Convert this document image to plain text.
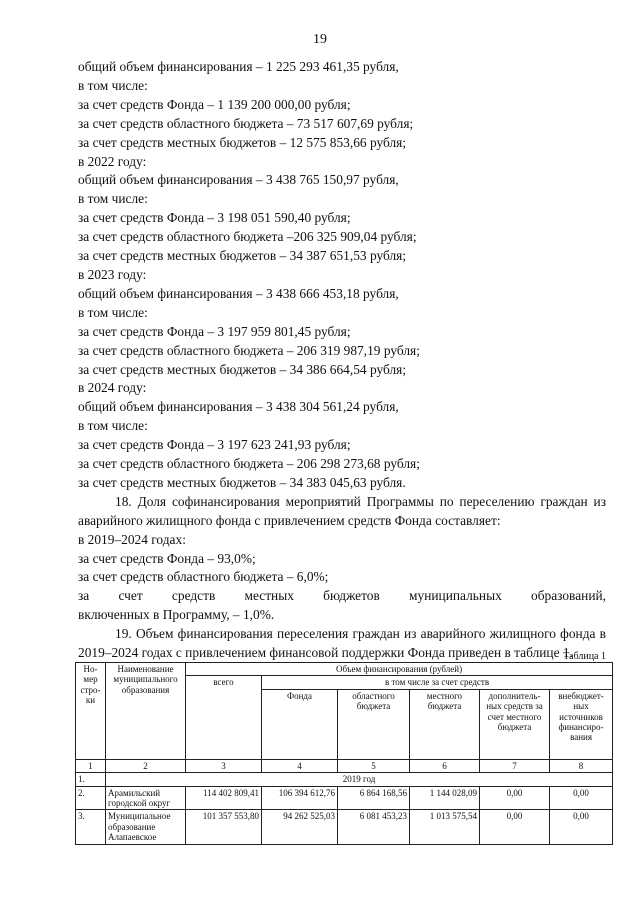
19
общий объем финансирования – 1 225 293 461,35 рубля,
в том числе:
за счет средств Фонда – 1 139 200 000,00 рубля;
за счет средств областного бюджета – 73 517 607,69 рубля;
за счет средств местных бюджетов – 12 575 853,66 рубля;
в 2022 году:
общий объем финансирования – 3 438 765 150,97 рубля,
в том числе:
за счет средств Фонда – 3 198 051 590,40 рубля;
за счет средств областного бюджета –206 325 909,04 рубля;
за счет средств местных бюджетов – 34 387 651,53 рубля;
в 2023 году:
общий объем финансирования – 3 438 666 453,18 рубля,
в том числе:
за счет средств Фонда – 3 197 959 801,45 рубля;
за счет средств областного бюджета – 206 319 987,19 рубля;
за счет средств местных бюджетов – 34 386 664,54 рубля;
в 2024 году:
общий объем финансирования – 3 438 304 561,24 рубля,
в том числе:
за счет средств Фонда – 3 197 623 241,93 рубля;
за счет средств областного бюджета – 206 298 273,68 рубля;
за счет средств местных бюджетов – 34 383 045,63 рубля.
18. Доля софинансирования мероприятий Программы по переселению граждан из аварийного жилищного фонда с привлечением средств Фонда составляет:
в 2019–2024 годах:
за счет средств Фонда – 93,0%;
за счет средств областного бюджета – 6,0%;
за счет средств местных бюджетов муниципальных образований,
включенных в Программу, – 1,0%.
19. Объем финансирования переселения граждан из аварийного жилищного фонда в 2019–2024 годах с привлечением финансовой поддержки Фонда приведен в таблице 1.
Таблица 1
Но-мер стро-ки	Наименование муниципального образования	Объем финансирования (рублей)					
		всего	в том числе за счет средств				
			Фонда	областного бюджета	местного бюджета	дополнитель-ных средств за счет местного бюджета	внебюджет-ных источников финансиро-вания
1	2	3	4	5	6	7	8
1.	2019 год						
2.	Арамильский городской округ	114 402 809,41	106 394 612,76	6 864 168,56	1 144 028,09	0,00	0,00
3.	Муниципальное образование Алапаевское	101 357 553,80	94 262 525,03	6 081 453,23	1 013 575,54	0,00	0,00
